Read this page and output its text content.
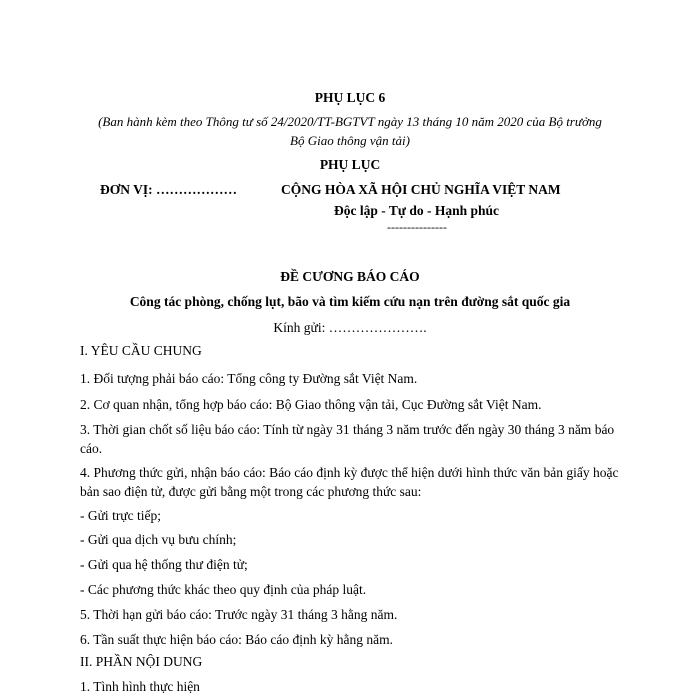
PHỤ LỤC 6
(Ban hành kèm theo Thông tư số 24/2020/TT-BGTVT ngày 13 tháng 10 năm 2020 của Bộ trưởng
Bộ Giao thông vận tải)
PHỤ LỤC
ĐƠN VỊ: ………………	CỘNG HÒA XÃ HỘI CHỦ NGHĨA VIỆT NAM
Độc lập - Tự do - Hạnh phúc
---------------
ĐỀ CƯƠNG BÁO CÁO
Công tác phòng, chống lụt, bão và tìm kiếm cứu nạn trên đường sắt quốc gia
Kính gửi: ………………….
I. YÊU CẦU CHUNG
1. Đối tượng phải báo cáo: Tổng công ty Đường sắt Việt Nam.
2. Cơ quan nhận, tổng hợp báo cáo: Bộ Giao thông vận tải, Cục Đường sắt Việt Nam.
3. Thời gian chốt số liệu báo cáo: Tính từ ngày 31 tháng 3 năm trước đến ngày 30 tháng 3 năm báo cáo.
4. Phương thức gửi, nhận báo cáo: Báo cáo định kỳ được thể hiện dưới hình thức văn bản giấy hoặc bản sao điện tử, được gửi bằng một trong các phương thức sau:
- Gửi trực tiếp;
- Gửi qua dịch vụ bưu chính;
- Gửi qua hệ thống thư điện tử;
- Các phương thức khác theo quy định của pháp luật.
5. Thời hạn gửi báo cáo: Trước ngày 31 tháng 3 hằng năm.
6. Tần suất thực hiện báo cáo: Báo cáo định kỳ hằng năm.
II. PHẦN NỘI DUNG
1. Tình hình thực hiện
